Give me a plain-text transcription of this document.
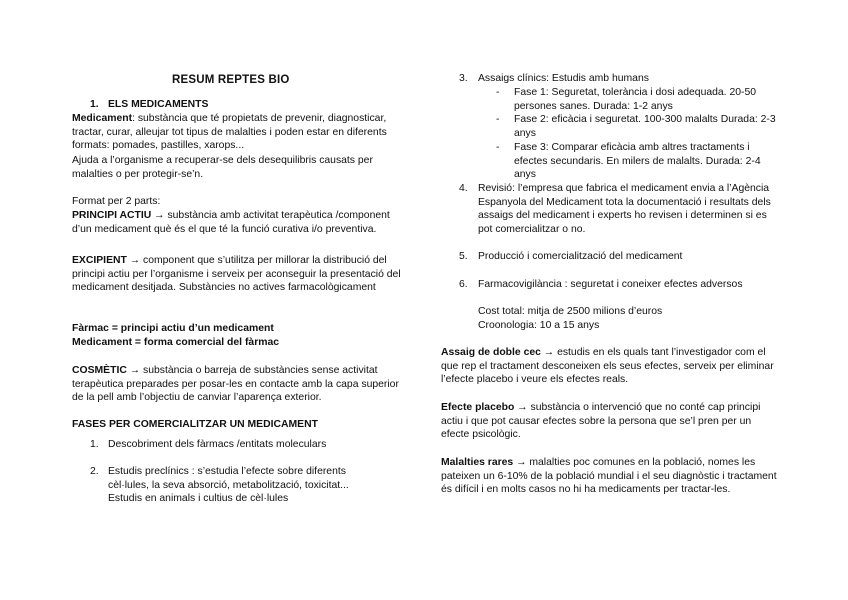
RESUM REPTES BIO
1. ELS MEDICAMENTS

Medicament: substància que té propietats de prevenir, diagnosticar, tractar, curar, alleujar tot tipus de malalties i poden estar en diferents formats: pomades, pastilles, xarops...

Ajuda a l’organisme a recuperar-se dels desequilibris causats per malalties o per protegir-se’n.

Format per 2 parts:

PRINCIPI ACTIU → substància amb activitat terapèutica /component d’un medicament què és el que té la funció curativa i/o preventiva.

EXCIPIENT → component que s’utilitza per millorar la distribució del principi actiu per l’organisme i serveix per aconseguir la presentació del medicament desitjada. Substàncies no actives farmacològicament

Fàrmac = principi actiu d’un medicament

Medicament = forma comercial del fàrmac

COSMÈTIC → substància o barreja de substàncies sense activitat terapèutica preparades per posar-les en contacte amb la capa superior de la pell amb l’objectiu de canviar l’aparença exterior.

FASES PER COMERCIALITZAR UN MEDICAMENT

1. Descobriment dels fàrmacs /entitats moleculars
2. Estudis preclínics : s’estudia l’efecte sobre diferents cèl·lules, la seva absorció, metabolització, toxicitat... Estudis en animals i cultius de cèl·lules
3. Assaigs clínics: Estudis amb humans
- Fase 1: Seguretat, tolerància i dosi adequada. 20-50 persones sanes. Durada: 1-2 anys
- Fase 2: eficàcia i seguretat. 100-300 malalts Durada: 2-3 anys
- Fase 3: Comparar eficàcia amb altres tractaments i efectes secundaris. En milers de malalts. Durada: 2-4 anys
4. Revisió: l’empresa que fabrica el medicament envia a l’Agència Espanyola del Medicament tota la documentació i resultats dels assaigs del medicament i experts ho revisen i determinen si es pot comercialitzar o no.
5. Producció i comercialització del medicament
6. Farmacovigilància : seguretat i coneixer efectes adversos

Cost total: mitja de 2500 milions d’euros

Croonologia: 10 a 15 anys

Assaig de doble cec → estudis en els quals tant l’investigador com el que rep el tractament desconeixen els seus efectes, serveix per eliminar l’efecte placebo i veure els efectes reals.

Efecte placebo → substància o intervenció que no conté cap principi actiu i que pot causar efectes sobre la persona que se’l pren per un efecte psicològic.

Malalties rares → malalties poc comunes en la població, nomes les pateixen un 6-10% de la població mundial i el seu diagnòstic i tractament és difícil i en molts casos no hi ha medicaments per tractar-les.
